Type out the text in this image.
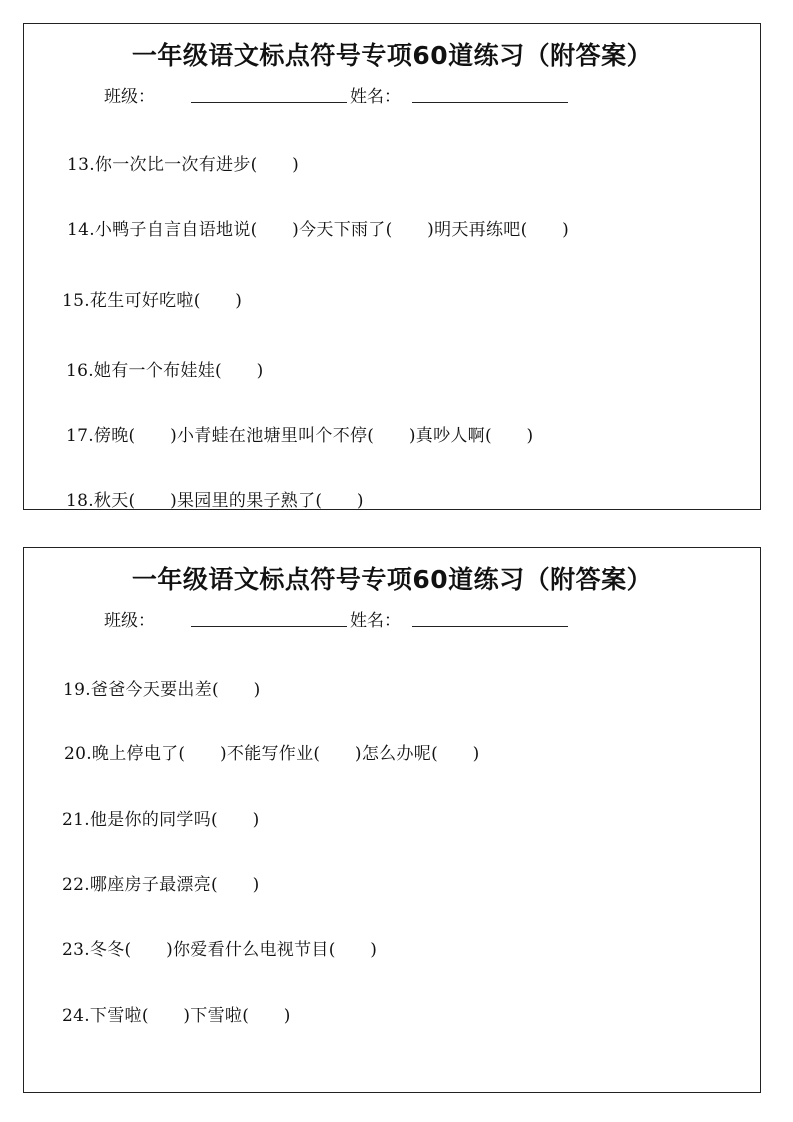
一年级语文标点符号专项60道练习（附答案）
班级：	姓名：
13.你一次比一次有进步(　　)
14.小鸭子自言自语地说(　　)今天下雨了(　　)明天再练吧(　　)
15.花生可好吃啦(　　)
16.她有一个布娃娃(　　)
17.傍晚(　　)小青蛙在池塘里叫个不停(　　)真吵人啊(　　)
18.秋天(　　)果园里的果子熟了(　　)
一年级语文标点符号专项60道练习（附答案）
班级：	姓名：
19.爸爸今天要出差(　　)
20.晚上停电了(　　)不能写作业(　　)怎么办呢(　　)
21.他是你的同学吗(　　)
22.哪座房子最漂亮(　　)
23.冬冬(　　)你爱看什么电视节目(　　)
24.下雪啦(　　)下雪啦(　　)
